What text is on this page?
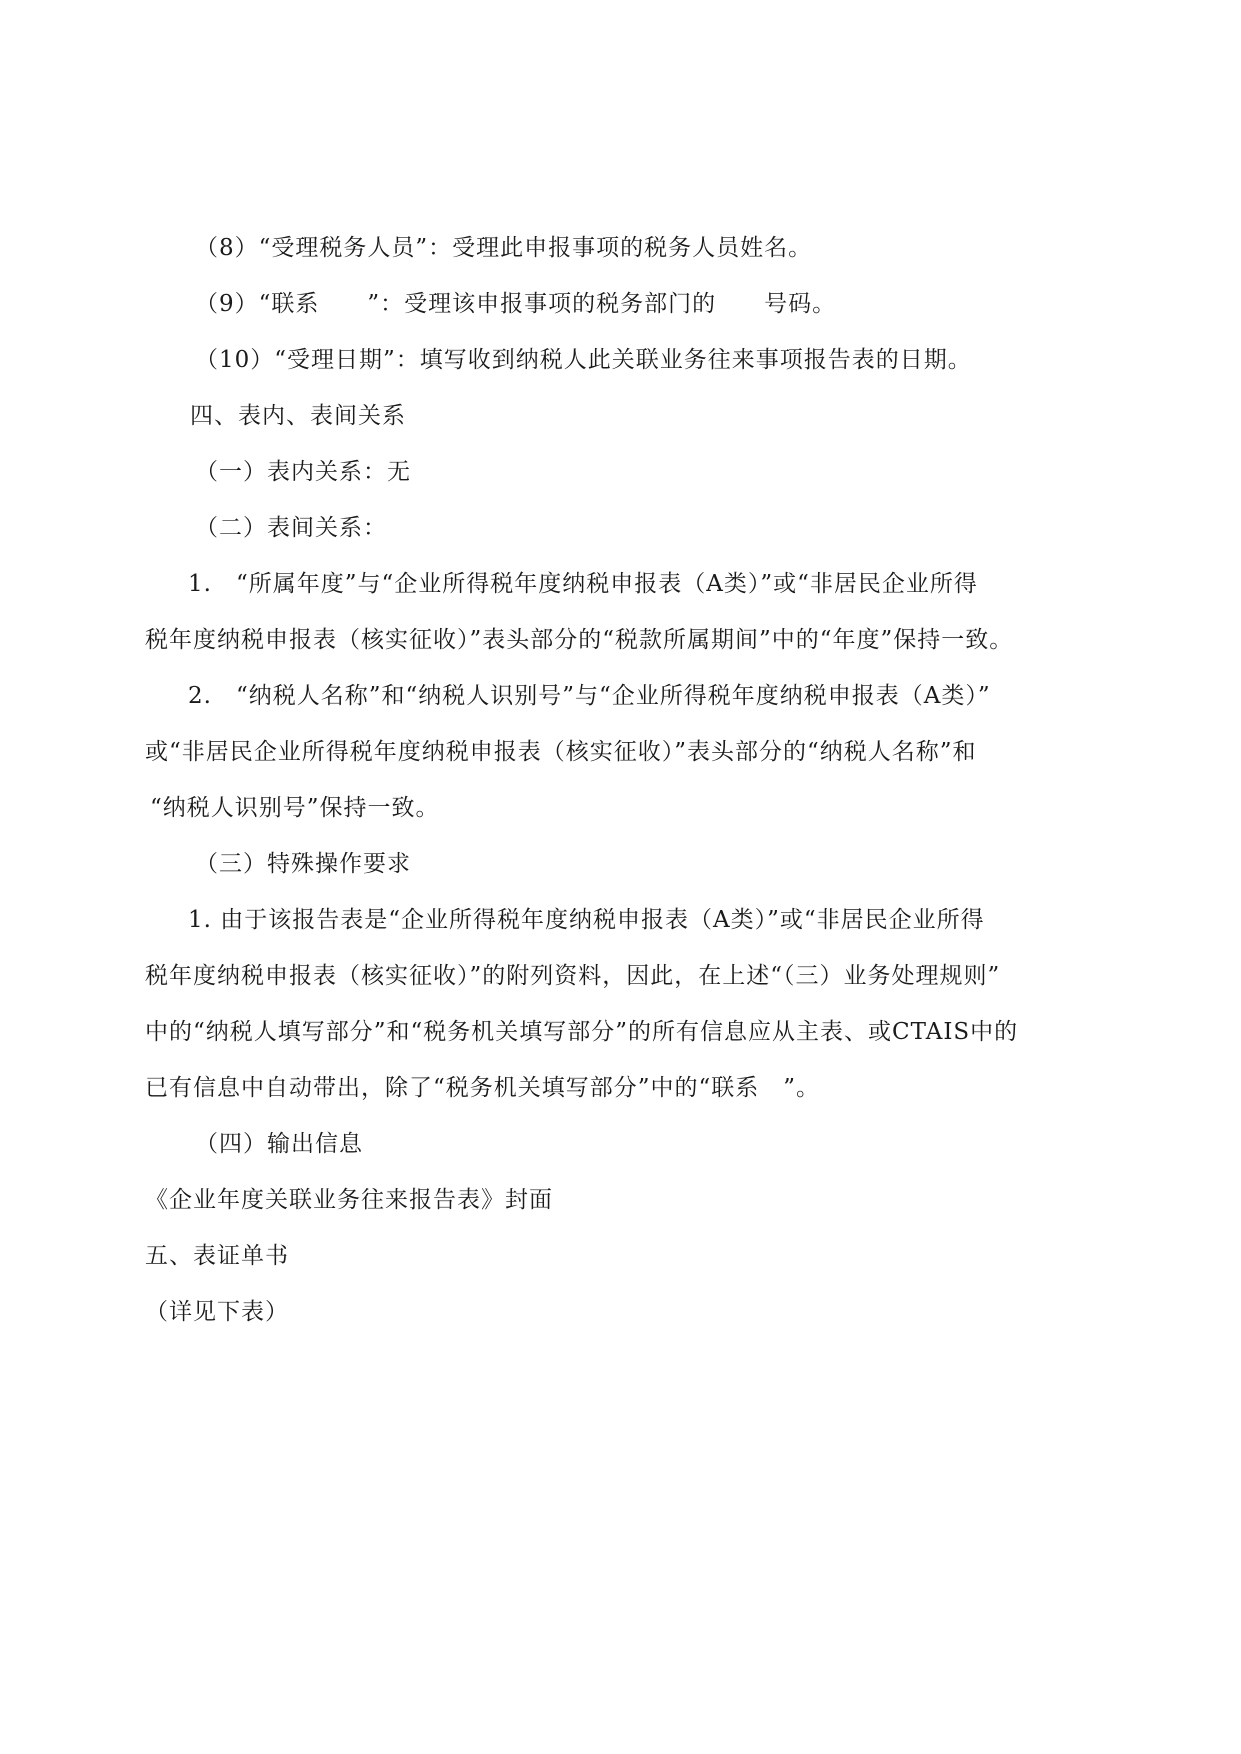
（8）“受理税务人员”：受理此申报事项的税务人员姓名。
（9）“联系　　”：受理该申报事项的税务部门的　　号码。
（10）“受理日期”：填写收到纳税人此关联业务往来事项报告表的日期。
四、表内、表间关系
（一）表内关系：无
（二）表间关系：
1.　“所属年度”与“企业所得税年度纳税申报表（A类）”或“非居民企业所得
税年度纳税申报表（核实征收）”表头部分的“税款所属期间”中的“年度”保持一致。
2.　“纳税人名称”和“纳税人识别号”与“企业所得税年度纳税申报表（A类）”
或“非居民企业所得税年度纳税申报表（核实征收）”表头部分的“纳税人名称”和
“纳税人识别号”保持一致。
（三）特殊操作要求
1. 由于该报告表是“企业所得税年度纳税申报表（A类）”或“非居民企业所得
税年度纳税申报表（核实征收）”的附列资料，因此，在上述“（三）业务处理规则”
中的“纳税人填写部分”和“税务机关填写部分”的所有信息应从主表、或CTAIS中的
已有信息中自动带出，除了“税务机关填写部分”中的“联系　”。
（四）输出信息
《企业年度关联业务往来报告表》封面
五、表证单书
（详见下表）
